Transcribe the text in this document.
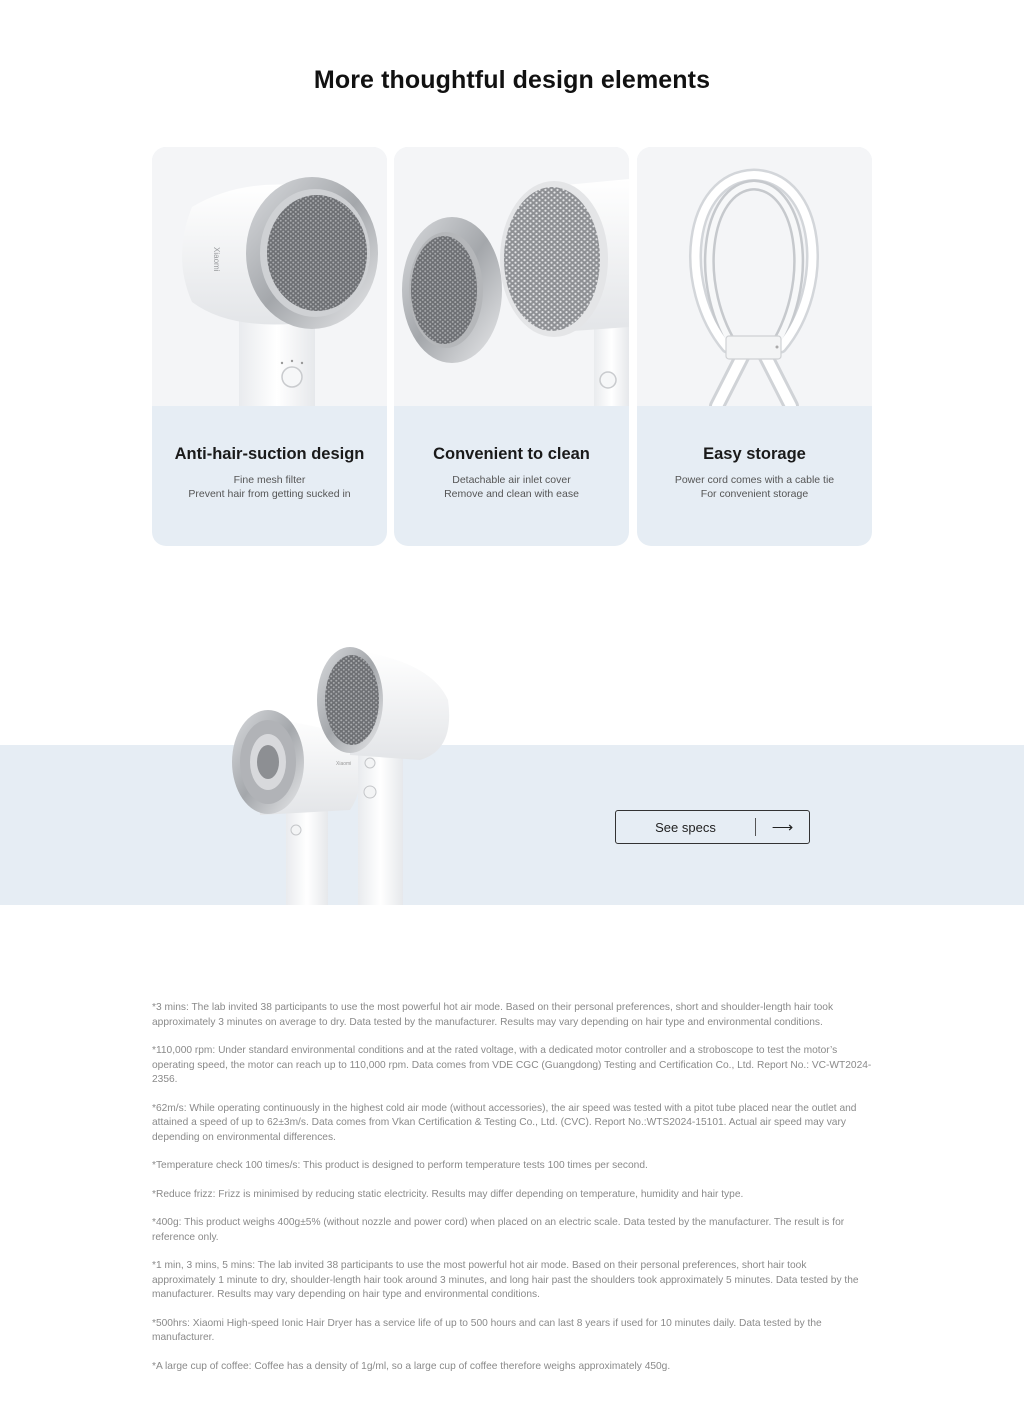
More thoughtful design elements
Xiaomi
Anti-hair-suction design
Fine mesh filter
Prevent hair from getting sucked in
Convenient to clean
Detachable air inlet cover
Remove and clean with ease
Easy storage
Power cord comes with a cable tie
For convenient storage
Xiaomi
See specs	⟶

*3 mins: The lab invited 38 participants to use the most powerful hot air mode. Based on their personal preferences, short and shoulder-length hair took approximately 3 minutes on average to dry. Data tested by the manufacturer. Results may vary depending on hair type and environmental conditions.

*110,000 rpm: Under standard environmental conditions and at the rated voltage, with a dedicated motor controller and a stroboscope to test the motor’s operating speed, the motor can reach up to 110,000 rpm. Data comes from VDE CGC (Guangdong) Testing and Certification Co., Ltd. Report No.: VC-WT2024-2356.

*62m/s: While operating continuously in the highest cold air mode (without accessories), the air speed was tested with a pitot tube placed near the outlet and attained a speed of up to 62±3m/s. Data comes from Vkan Certification & Testing Co., Ltd. (CVC). Report No.:WTS2024-15101. Actual air speed may vary depending on environmental differences.

*Temperature check 100 times/s: This product is designed to perform temperature tests 100 times per second.

*Reduce frizz: Frizz is minimised by reducing static electricity. Results may differ depending on temperature, humidity and hair type.

*400g: This product weighs 400g±5% (without nozzle and power cord) when placed on an electric scale. Data tested by the manufacturer. The result is for reference only.

*1 min, 3 mins, 5 mins: The lab invited 38 participants to use the most powerful hot air mode. Based on their personal preferences, short hair took approximately 1 minute to dry, shoulder-length hair took around 3 minutes, and long hair past the shoulders took approximately 5 minutes. Data tested by the manufacturer. Results may vary depending on hair type and environmental conditions.

*500hrs: Xiaomi High-speed Ionic Hair Dryer has a service life of up to 500 hours and can last 8 years if used for 10 minutes daily. Data tested by the manufacturer.

*A large cup of coffee: Coffee has a density of 1g/ml, so a large cup of coffee therefore weighs approximately 450g.
